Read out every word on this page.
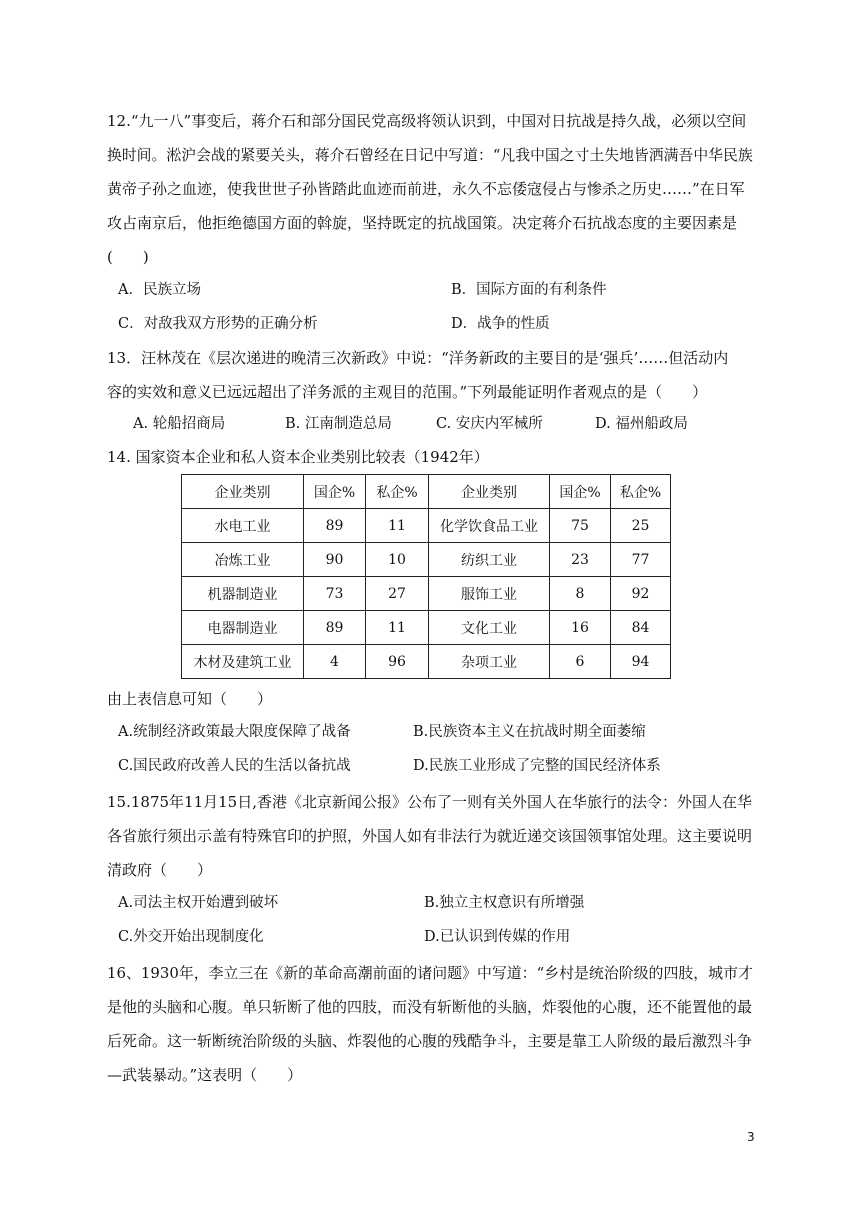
12.“九一八”事变后，蒋介石和部分国民党高级将领认识到，中国对日抗战是持久战，必须以空间
换时间。淞沪会战的紧要关头，蒋介石曾经在日记中写道：“凡我中国之寸土失地皆洒满吾中华民族
黄帝子孙之血迹，使我世世子孙皆踏此血迹而前进，永久不忘倭寇侵占与惨杀之历史……”在日军
攻占南京后，他拒绝德国方面的斡旋，坚持既定的抗战国策。决定蒋介石抗战态度的主要因素是
(　　)
A．民族立场	B．国际方面的有利条件
C．对敌我双方形势的正确分析	D．战争的性质
13．汪林茂在《层次递进的晚清三次新政》中说：“洋务新政的主要目的是‘强兵’……但活动内
容的实效和意义已远远超出了洋务派的主观目的范围。”下列最能证明作者观点的是（　　）
A. 轮船招商局	B. 江南制造总局	C. 安庆内军械所	D. 福州船政局
14. 国家资本企业和私人资本企业类别比较表（1942年）
企业类别	国企%	私企%	企业类别	国企%	私企%
水电工业	89	11	化学饮食品工业	75	25
冶炼工业	90	10	纺织工业	23	77
机器制造业	73	27	服饰工业	8	92
电器制造业	89	11	文化工业	16	84
木材及建筑工业	4	96	杂项工业	6	94
由上表信息可知（　　）
A.统制经济政策最大限度保障了战备	B.民族资本主义在抗战时期全面萎缩
C.国民政府改善人民的生活以备抗战	D.民族工业形成了完整的国民经济体系
15.1875年11月15日,香港《北京新闻公报》公布了一则有关外国人在华旅行的法令：外国人在华
各省旅行须出示盖有特殊官印的护照，外国人如有非法行为就近递交该国领事馆处理。这主要说明
清政府（　　）
A.司法主权开始遭到破坏	B.独立主权意识有所增强
C.外交开始出现制度化	D.已认识到传媒的作用
16、1930年，李立三在《新的革命高潮前面的诸问题》中写道：“乡村是统治阶级的四肢，城市才
是他的头脑和心腹。单只斩断了他的四肢，而没有斩断他的头脑，炸裂他的心腹，还不能置他的最
后死命。这一斩断统治阶级的头脑、炸裂他的心腹的残酷争斗，主要是靠工人阶级的最后激烈斗争
—武装暴动。”这表明（　　）
3
